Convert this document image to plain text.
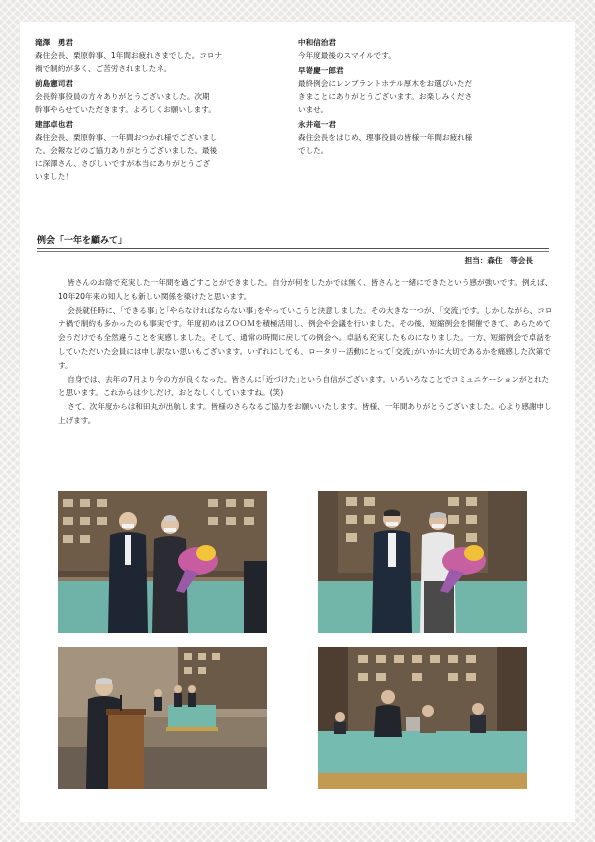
滝澤　勇君
森住会長、栗原幹事、1年間お疲れさまでした。コロナ
禍で制約が多く、ご苦労されましたネ。
前島憲司君
会長幹事役員の方々ありがとうございました。次期
幹事やらせていただきます。よろしくお願いします。
建部卓也君
森住会長、栗原幹事、一年間おつかれ様でございまし
た。会報などのご協力ありがとうございました。最後
に深澤さん、さびしいですが本当にありがとうござ
いました！
中和信治君
今年度最後のスマイルです。
早嵜慶一郎君
最終例会にレンブラントホテル厚木をお選びいただ
きまことにありがとうございます。お楽しみくださ
いませ。
永井竜一君
森住会長をはじめ、理事役員の皆様一年間お疲れ様
でした。
例会「一年を顧みて」
担当：森住　等会長

皆さんのお陰で充実した一年間を過ごすことができました。自分が何をしたかでは無く、皆さんと一緒にできたという感が強いです。例えば、10年20年来の知人とも新しい関係を築けたと思います。

会長就任時に、｢できる事｣と｢やらなければならない事｣をやっていこうと決意しました。その大きな一つが、｢交流｣です。しかしながら、コロナ禍で制約も多かったのも事実です。年度初めはＺＯＯＭを積極活用し、例会や会議を行いました。その後、短縮例会を開催できて、あらためて会うだけでも全然違うことを実感しました。そして、通常の時間に戻しての例会へ。卓話も充実したものになりました。一方、短縮例会で卓話をしていただいた会員には申し訳ない思いもございます。いずれにしても、ロータリー活動にとって｢交流｣がいかに大切であるかを痛感した次第です。

自身では、去年の7月より今の方が良くなった。皆さんに｢近づけた｣という自信がございます。いろいろなことでコミュニケーションがとれたと思います。これからは少しだけ、おとなしくしていますね。(笑)

さて、次年度からは和田丸が出航します。皆様のさらなるご協力をお願いいたします。皆様、一年間ありがとうございました。心より感謝申し上げます。
